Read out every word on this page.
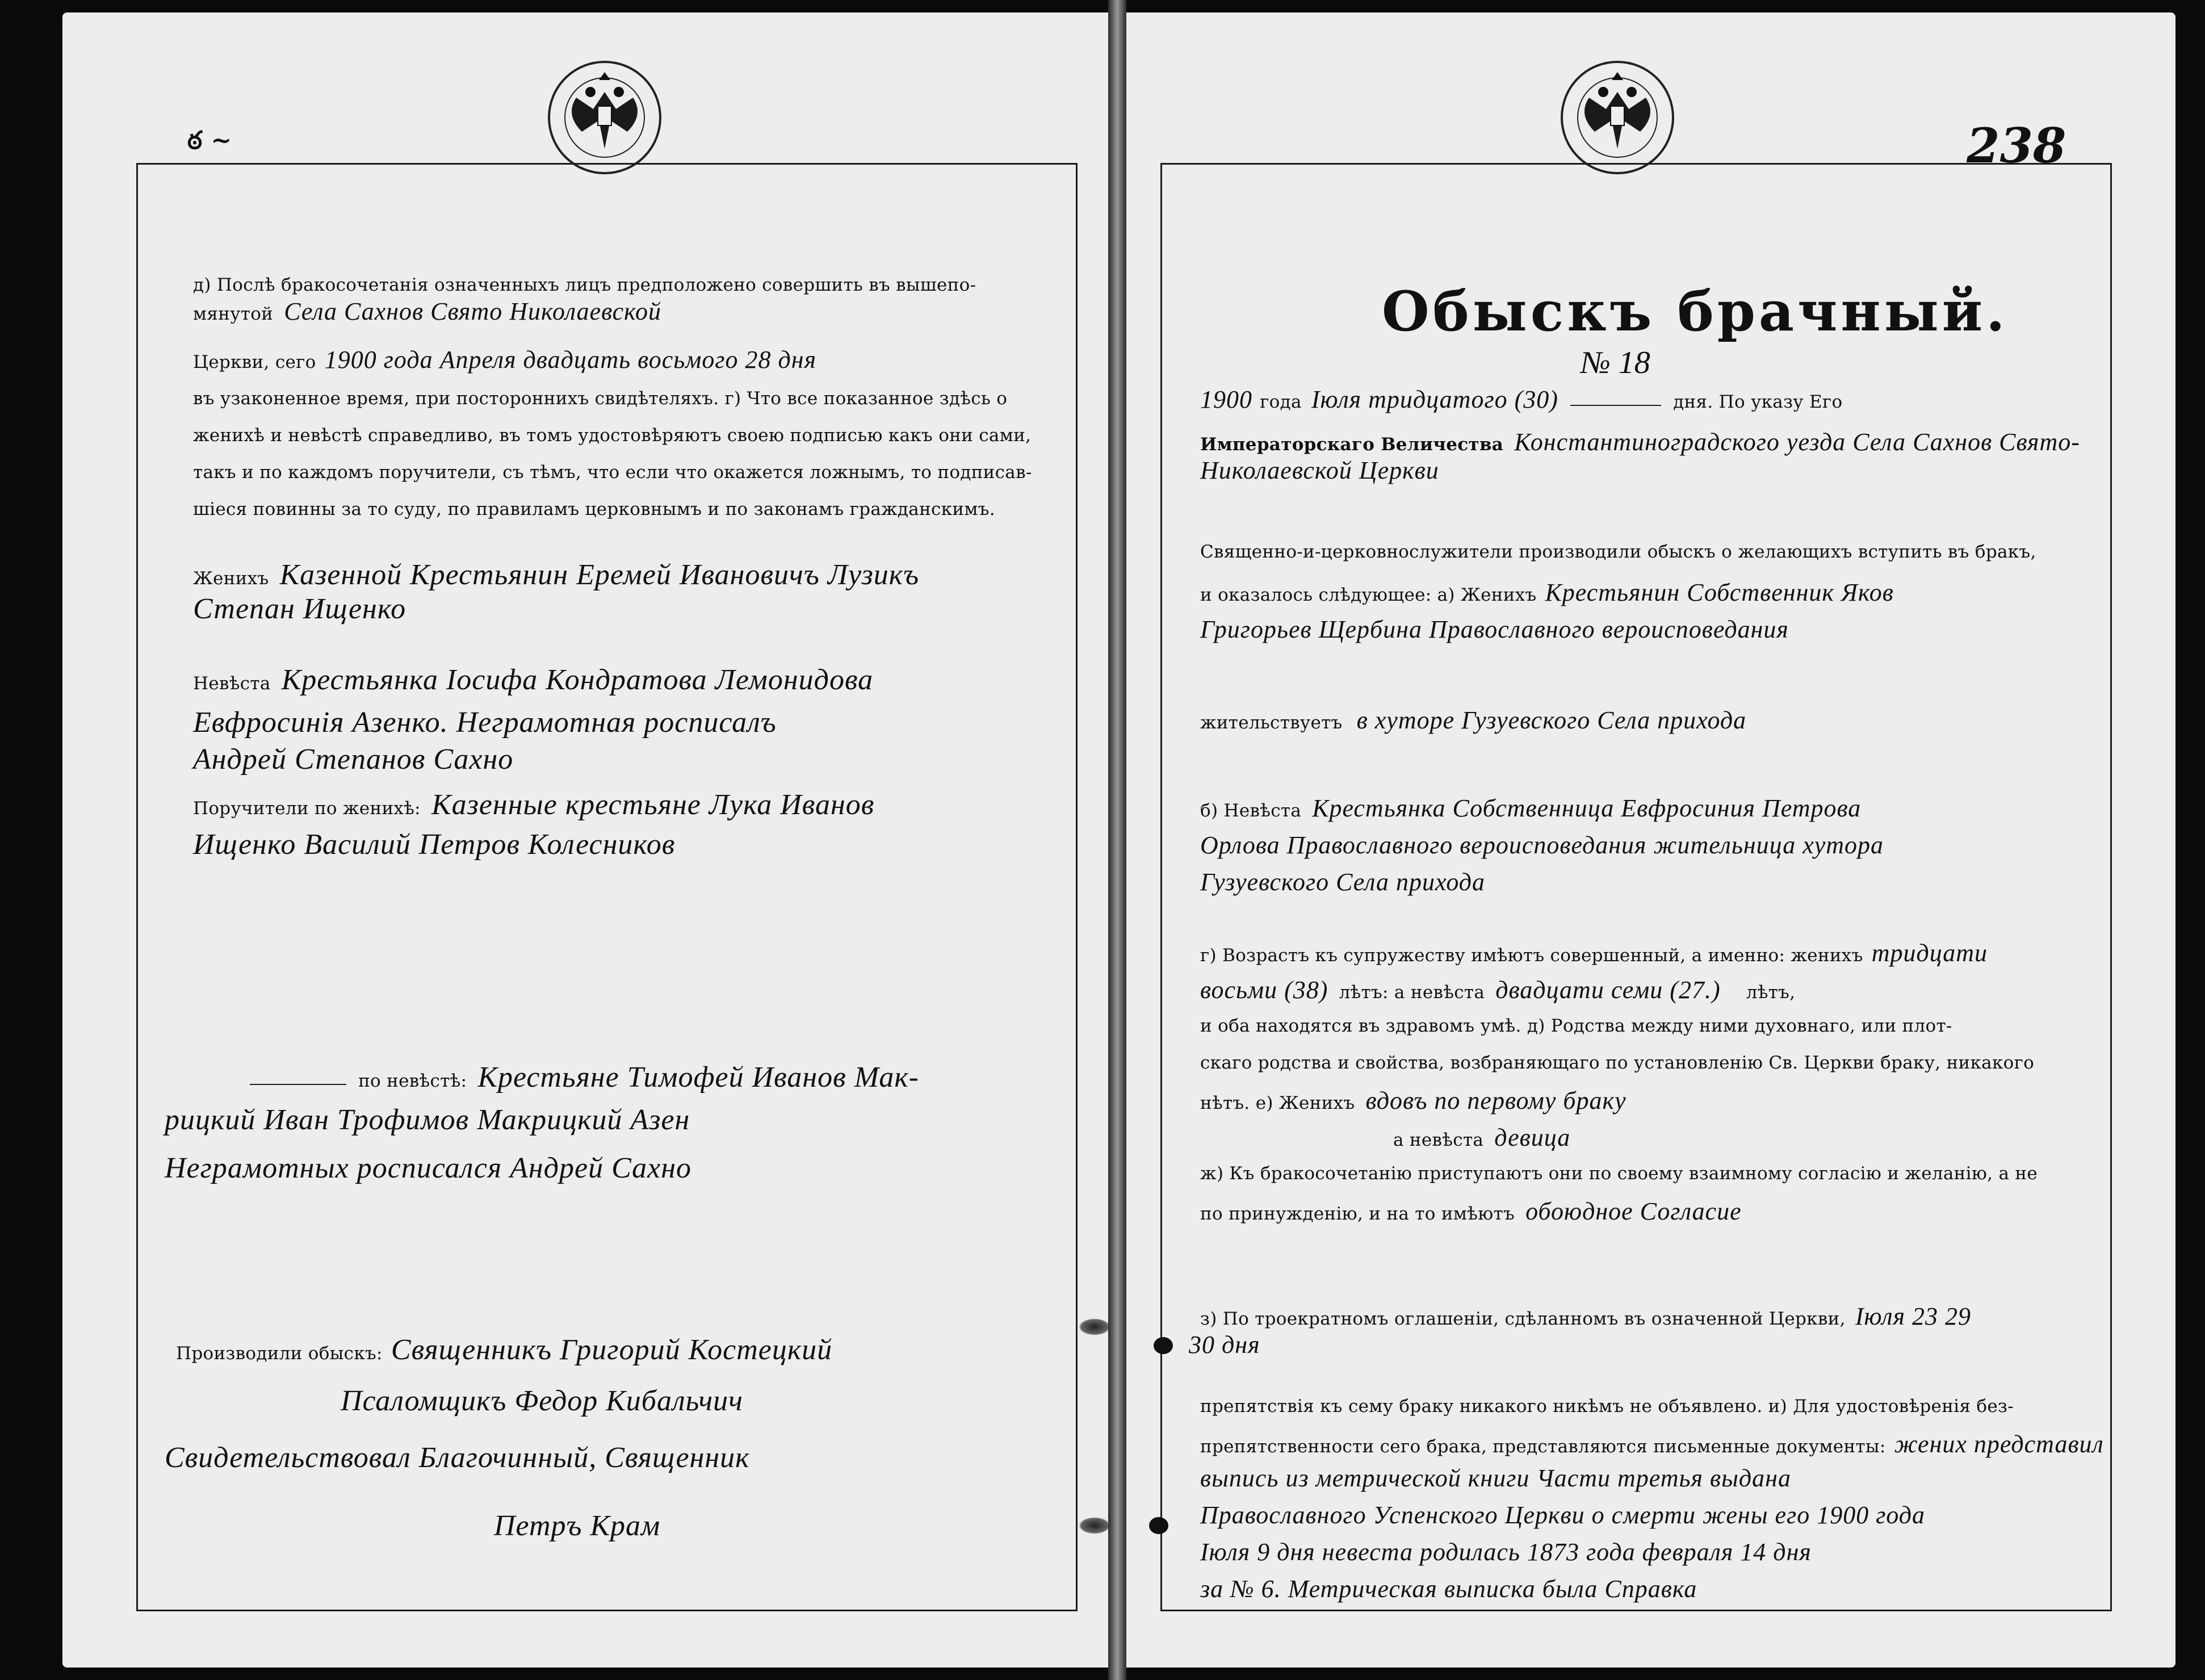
ఠ ~
д) Послѣ бракосочетанія означенныхъ лицъ предположено совершить въ вышепо-
мянутой Села Сахнов Свято Николаевской
Церкви, сего 1900 года Апреля двадцать восьмого 28 дня
въ узаконенное время, при постороннихъ свидѣтеляхъ. г) Что все показанное здѣсь о
женихѣ и невѣстѣ справедливо, въ томъ удостовѣряютъ своею подписью какъ они сами,
такъ и по каждомъ поручители, съ тѣмъ, что если что окажется ложнымъ, то подписав-
шіеся повинны за то суду, по правиламъ церковнымъ и по законамъ гражданскимъ.
Женихъ Казенной Крестьянин Еремей Ивановичъ Лузикъ
Степан Ищенко
Невѣста Крестьянка Іосифа Кондратова Лемонидова
Евфросинія Азенко. Неграмотная росписалъ
Андрей Степанов Сахно
Поручители по женихѣ: Казенные крестьяне Лука Иванов
Ищенко Василий Петров Колесников
по невѣстѣ: Крестьяне Тимофей Иванов Мак-
рицкий Иван Трофимов Макрицкий Азен
Неграмотных росписался Андрей Сахно
Производили обыскъ: Священникъ Григорий Костецкий
Псаломщикъ Федор Кибальчич
Свидетельствовал Благочинный, Священник
Петръ Крам
238
Обыскъ брачный.
№ 18
1900 года Іюля тридцатого (30)	дня. По указу Его
Императорскаго Величества Константиноградского уезда Села Сахнов Свято-
Николаевской Церкви
Священно-и-церковнослужители производили обыскъ о желающихъ вступить въ бракъ,
и оказалось слѣдующее: а) Женихъ Крестьянин Собственник Яков
Григорьев Щербина Православного вероисповедания
жительствуетъ в хуторе Гузуевского Села прихода
б) Невѣста Крестьянка Собственница Евфросиния Петрова
Орлова Православного вероисповедания жительница хутора
Гузуевского Села прихода
г) Возрастъ къ супружеству имѣютъ совершенный, а именно: женихъ тридцати
восьми (38) лѣтъ: а невѣста двадцати семи (27.) лѣтъ,
и оба находятся въ здравомъ умѣ. д) Родства между ними духовнаго, или плот-
скаго родства и свойства, возбраняющаго по установленію Св. Церкви браку, никакого
нѣтъ. е) Женихъ вдовъ по первому браку
а невѣста девица
ж) Къ бракосочетанію приступаютъ они по своему взаимному согласію и желанію, а не
по принужденію, и на то имѣютъ обоюдное Согласие
з) По троекратномъ оглашеніи, сдѣланномъ въ означенной Церкви, Іюля 23 29
30 дня
препятствія къ сему браку никакого никѣмъ не объявлено. и) Для удостовѣренія без-
препятственности сего брака, представляются письменные документы: жених представил
выпись из метрической книги Части третья выдана
Православного Успенского Церкви о смерти жены его 1900 года
Іюля 9 дня невеста родилась 1873 года февраля 14 дня
за № 6. Метрическая выписка была Справка
